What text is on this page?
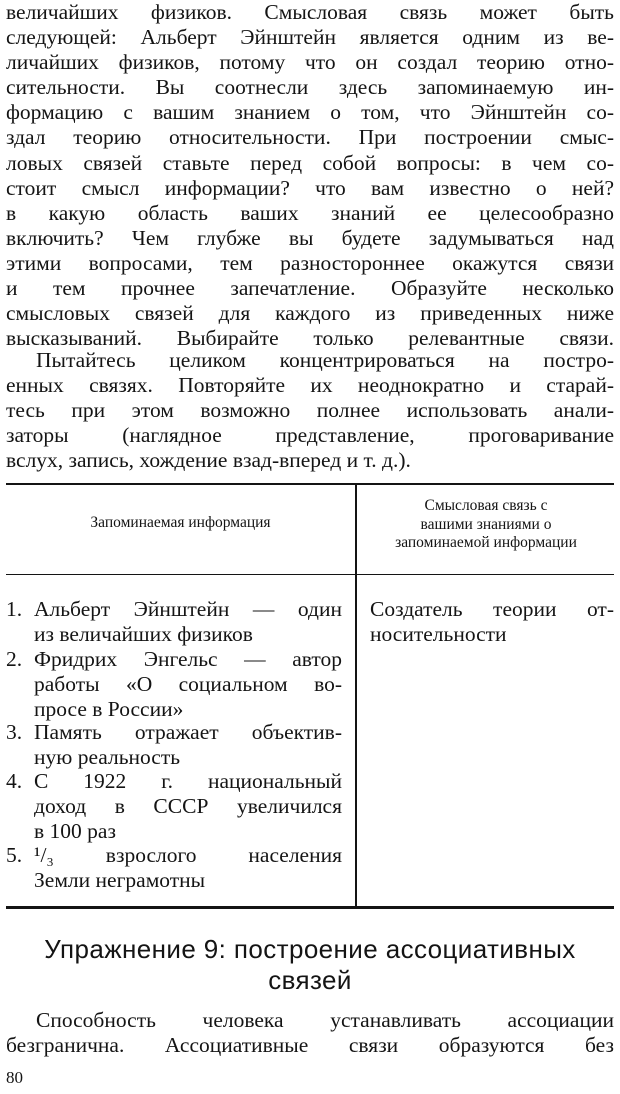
величайших физиков. Смысловая связь может быть
следующей: Альберт Эйнштейн является одним из ве-
личайших физиков, потому что он создал теорию отно-
сительности. Вы соотнесли здесь запоминаемую ин-
формацию с вашим знанием о том, что Эйнштейн со-
здал теорию относительности. При построении смыс-
ловых связей ставьте перед собой вопросы: в чем со-
стоит смысл информации? что вам известно о ней?
в какую область ваших знаний ее целесообразно
включить? Чем глубже вы будете задумываться над
этими вопросами, тем разностороннее окажутся связи
и тем прочнее запечатление. Образуйте несколько
смысловых связей для каждого из приведенных ниже
высказываний. Выбирайте только релевантные связи.

Пытайтесь целиком концентрироваться на постро-
енных связях. Повторяйте их неоднократно и старай-
тесь при этом возможно полнее использовать анали-
заторы (наглядное представление, проговаривание
вслух, запись, хождение взад-вперед и т. д.).

Запоминаемая информация
Смысловая связь с
вашими знаниями о
запоминаемой информации
1. Альберт Эйнштейн — один
из величайших физиков
2. Фридрих Энгельс — автор
работы «О социальном во-
просе в России»
3. Память отражает объектив-
ную реальность
4. С 1922 г. национальный
доход в СССР увеличился
в 100 раз
5. ¹/₃ взрослого населения
Земли неграмотны
Создатель теории от-
носительности
Упражнение 9: построение ассоциативных
связей

Способность человека устанавливать ассоциации
безгранична. Ассоциативные связи образуются без

80
